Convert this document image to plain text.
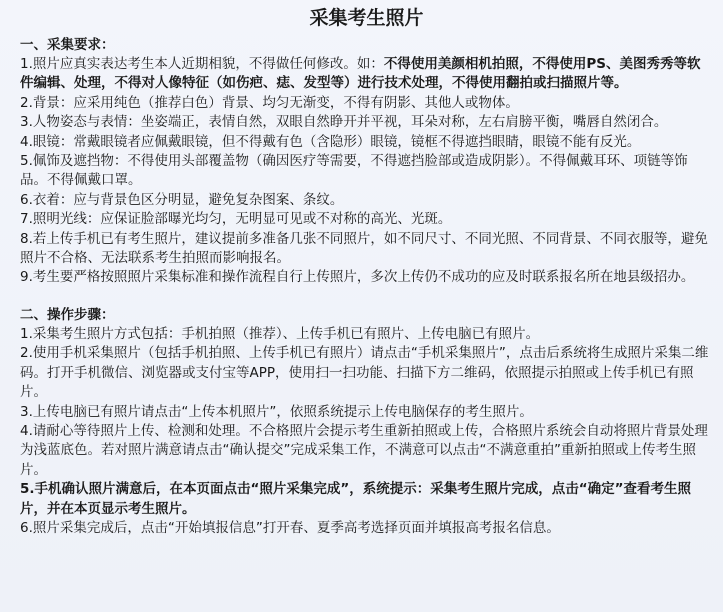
采集考生照片

一、采集要求：

1.照片应真实表达考生本人近期相貌，不得做任何修改。如：不得使用美颜相机拍照，不得使用PS、美图秀秀等软件编辑、处理，不得对人像特征（如伤疤、痣、发型等）进行技术处理，不得使用翻拍或扫描照片等。

2.背景：应采用纯色（推荐白色）背景、均匀无渐变，不得有阴影、其他人或物体。

3.人物姿态与表情：坐姿端正，表情自然，双眼自然睁开并平视，耳朵对称，左右肩膀平衡，嘴唇自然闭合。

4.眼镜：常戴眼镜者应佩戴眼镜，但不得戴有色（含隐形）眼镜，镜框不得遮挡眼睛，眼镜不能有反光。

5.佩饰及遮挡物：不得使用头部覆盖物（确因医疗等需要，不得遮挡脸部或造成阴影）。不得佩戴耳环、项链等饰品。不得佩戴口罩。

6.衣着：应与背景色区分明显，避免复杂图案、条纹。

7.照明光线：应保证脸部曝光均匀，无明显可见或不对称的高光、光斑。

8.若上传手机已有考生照片，建议提前多准备几张不同照片，如不同尺寸、不同光照、不同背景、不同衣服等，避免照片不合格、无法联系考生拍照而影响报名。

9.考生要严格按照照片采集标准和操作流程自行上传照片，多次上传仍不成功的应及时联系报名所在地县级招办。

二、操作步骤：

1.采集考生照片方式包括：手机拍照（推荐）、上传手机已有照片、上传电脑已有照片。

2.使用手机采集照片（包括手机拍照、上传手机已有照片）请点击“手机采集照片”，点击后系统将生成照片采集二维码。打开手机微信、浏览器或支付宝等APP，使用扫一扫功能、扫描下方二维码，依照提示拍照或上传手机已有照片。

3.上传电脑已有照片请点击“上传本机照片”，依照系统提示上传电脑保存的考生照片。

4.请耐心等待照片上传、检测和处理。不合格照片会提示考生重新拍照或上传，合格照片系统会自动将照片背景处理为浅蓝底色。若对照片满意请点击“确认提交”完成采集工作，不满意可以点击“不满意重拍”重新拍照或上传考生照片。

5.手机确认照片满意后，在本页面点击“照片采集完成”，系统提示：采集考生照片完成，点击“确定”查看考生照片，并在本页显示考生照片。

6.照片采集完成后，点击“开始填报信息”打开春、夏季高考选择页面并填报高考报名信息。
